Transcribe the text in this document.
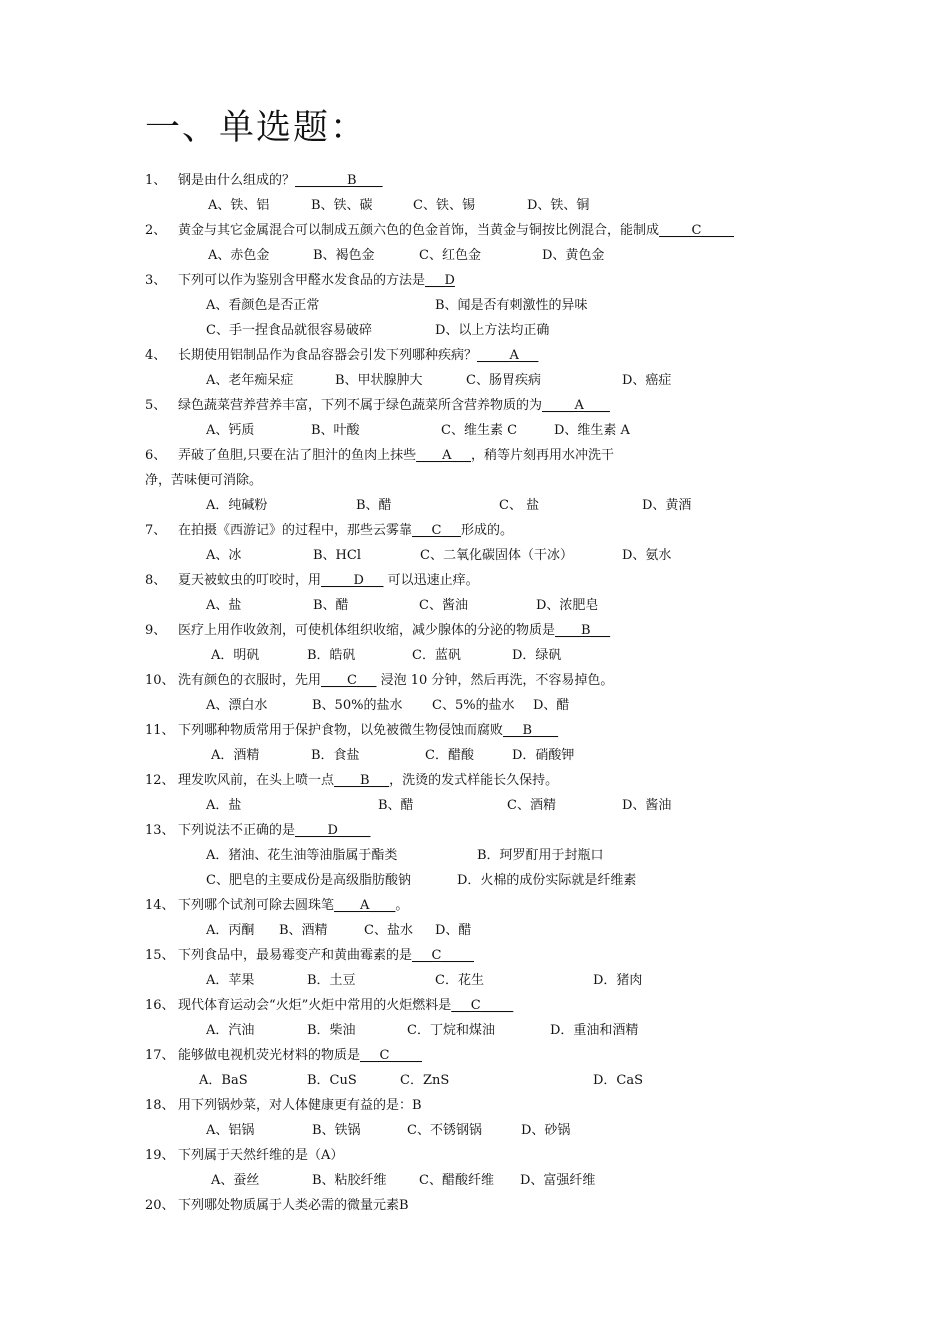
一、单选题：
1、 钢是由什么组成的？________B____
A、铁、铝	B、铁、碳	C、铁、锡	D、铁、铜
2、 黄金与其它金属混合可以制成五颜六色的色金首饰，当黄金与铜按比例混合，能制成_____C_____
A、赤色金	B、褐色金	C、红色金	D、黄色金
3、 下列可以作为鉴别含甲醛水发食品的方法是___D
A、看颜色是否正常	B、闻是否有刺激性的异味
C、手一捏食品就很容易破碎	D、以上方法均正确
4、 长期使用铝制品作为食品容器会引发下列哪种疾病？_____A___
A、老年痴呆症	B、甲状腺肿大	C、肠胃疾病	D、癌症
5、 绿色蔬菜营养营养丰富，下列不属于绿色蔬菜所含营养物质的为_____A____
A、钙质	B、叶酸	C、维生素 C	D、维生素 A
6、 弄破了鱼胆,只要在沾了胆汁的鱼肉上抹些____A___，稍等片刻再用水冲洗干
净，苦味便可消除。
A．纯碱粉	B、醋	C、 盐	D、黄酒
7、 在拍摄《西游记》的过程中，那些云雾靠___C___形成的。
A、冰	B、HCl	C、二氧化碳固体（干冰）	D、氨水
8、 夏天被蚊虫的叮咬时，用_____D___ 可以迅速止痒。
A、盐	B、醋	C、酱油	D、浓肥皂
9、 医疗上用作收敛剂，可使机体组织收缩，减少腺体的分泌的物质是____B___
A．明矾	B．皓矾	C．蓝矾	D．绿矾
10、 洗有颜色的衣服时，先用____C___ 浸泡 10 分钟，然后再洗，不容易掉色。
A、漂白水	B、50%的盐水 C、5%的盐水 D、醋
11、 下列哪种物质常用于保护食物，以免被微生物侵蚀而腐败___B____
A．酒精	B．食盐	C．醋酸	D．硝酸钾
12、 理发吹风前，在头上喷一点____B___，洗烫的发式样能长久保持。
A．盐	B、醋	C、酒精	D、酱油
13、 下列说法不正确的是_____D_____
A．猪油、花生油等油脂属于酯类	B．珂罗酊用于封瓶口
C、肥皂的主要成份是高级脂肪酸钠	D．火棉的成份实际就是纤维素
14、 下列哪个试剂可除去圆珠笔____A____。
A．丙酮 B、酒精	C、盐水 D、醋
15、 下列食品中，最易霉变产和黄曲霉素的是___C_____
A．苹果	B．土豆	C．花生	D．猪肉
16、 现代体育运动会“火炬”火炬中常用的火炬燃料是___C_____
A．汽油	B．柴油	C．丁烷和煤油	D．重油和酒精
17、 能够做电视机荧光材料的物质是___C_____
A．BaS	B．CuS	C．ZnS	D．CaS
18、 用下列锅炒菜，对人体健康更有益的是：B
A、铝锅	B、铁锅	C、不锈钢锅	D、砂锅
19、 下列属于天然纤维的是（A）
A、蚕丝	B、粘胶纤维 C、醋酸纤维 D、富强纤维
20、 下列哪处物质属于人类必需的微量元素B
